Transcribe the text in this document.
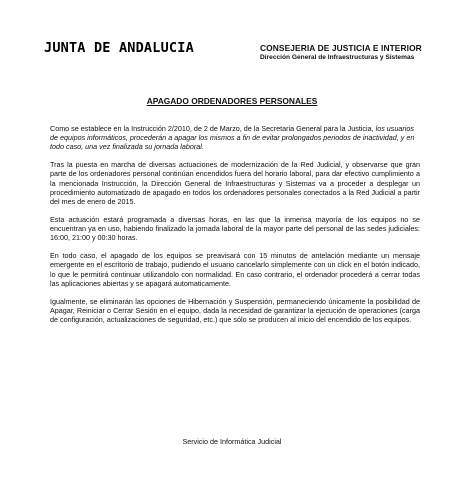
JUNTA DE ANDALUCIA	CONSEJERIA DE JUSTICIA E INTERIOR
Dirección General de Infraestructuras y Sistemas
APAGADO ORDENADORES PERSONALES

Como se establece en la Instrucción 2/2010, de 2 de Marzo, de la Secretaria General para la Justicia, los usuarios de equipos informáticos, procederán a apagar los mismos a fin de evitar prolongados periodos de inactividad, y en todo caso, una vez finalizada su jornada laboral.

Tras la puesta en marcha de diversas actuaciones de modernización de la Red Judicial, y observarse que gran parte de los ordenadores personal continúan encendidos fuera del horario laboral, para dar efectivo cumplimiento a la mencionada Instrucción, la Dirección General de Infraestructuras y Sistemas va a proceder a desplegar un procedimiento automatizado de apagado en todos los ordenadores personales conectados a la Red Judicial a partir del mes de enero de 2015.

Esta actuación estará programada a diversas horas, en las que la inmensa mayoría de los equipos no se encuentran ya en uso, habiendo finalizado la jornada laboral de la mayor parte del personal de las sedes judiciales: 16:00, 21:00 y 00:30 horas.

En todo caso, el apagado de los equipos se preavisará con 15 minutos de antelación mediante un mensaje emergente en el escritorio de trabajo, pudiendo el usuario cancelarlo simplemente con un click en el botón indicado, lo que le permitirá continuar utilizandolo con normalidad. En caso contrario, el ordenador procederá a cerrar todas las aplicaciones abiertas y se apagará automaticamente.

Igualmente, se eliminarán las opciones de Hibernación y Suspensión, permaneciendo únicamente la posibilidad de Apagar, Reiniciar o Cerrar Sesión en el equipo, dada la necesidad de garantizar la ejecución de operaciones (carga de configuración, actualizaciones de seguridad, etc.) que sólo se producen al inicio del encendido de los equipos.

Servicio de Informática Judicial
